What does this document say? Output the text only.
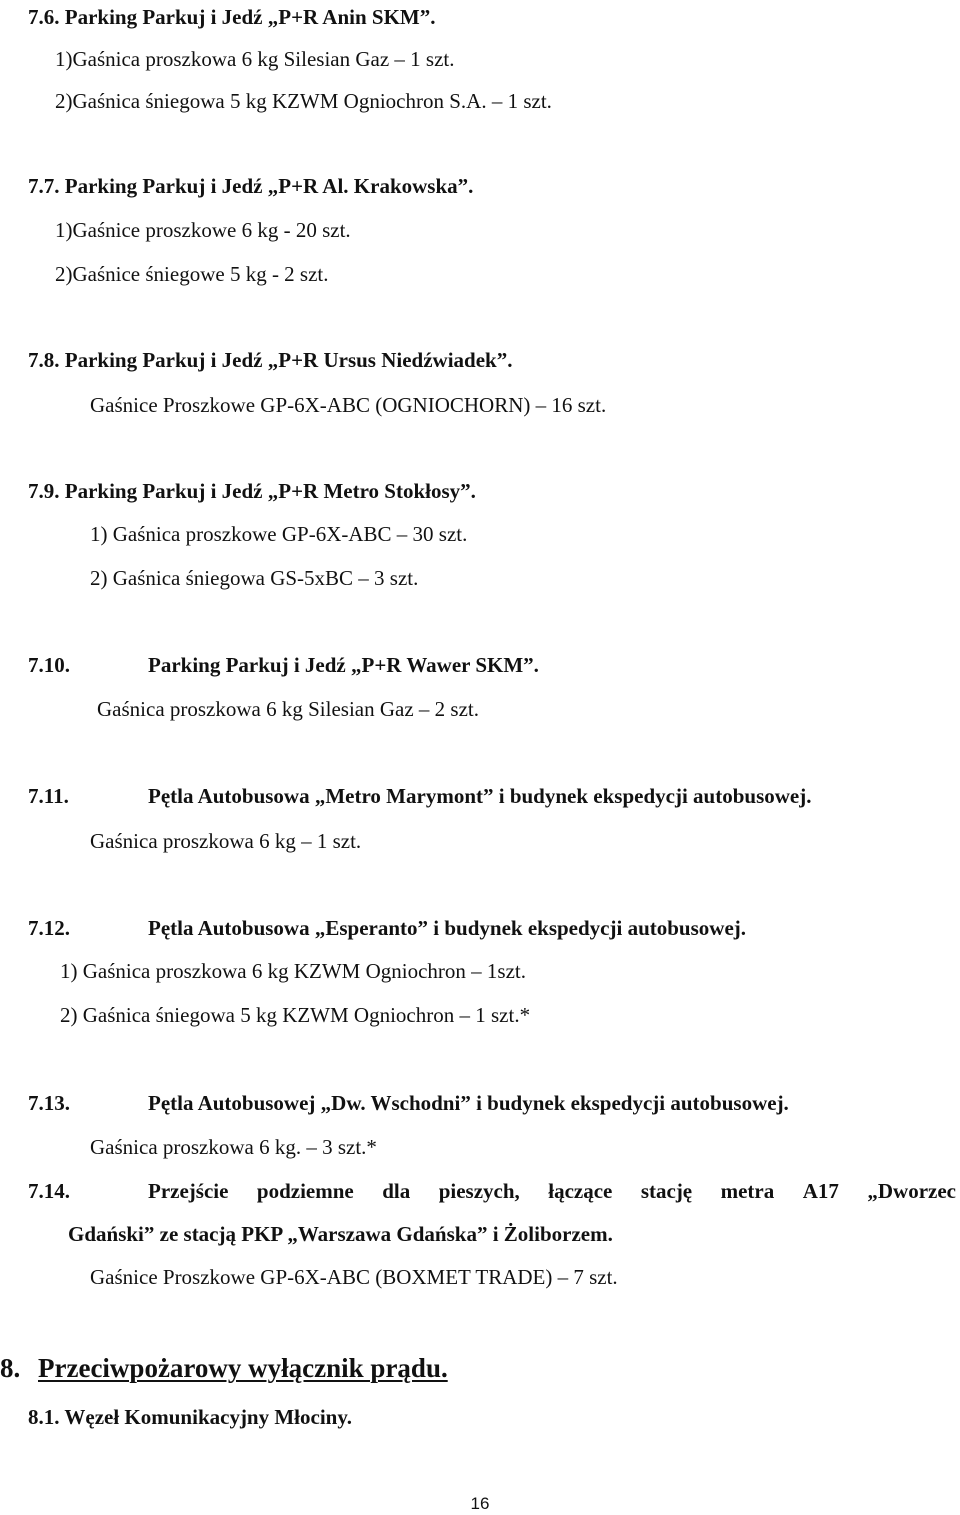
7.6. Parking Parkuj i Jedź „P+R Anin SKM”.
1)Gaśnica proszkowa 6 kg Silesian Gaz – 1 szt.
2)Gaśnica śniegowa 5 kg KZWM Ogniochron S.A. – 1 szt.
7.7. Parking Parkuj i Jedź „P+R Al. Krakowska”.
1)Gaśnice proszkowe 6 kg - 20 szt.
2)Gaśnice śniegowe 5 kg - 2 szt.
7.8. Parking Parkuj i Jedź „P+R Ursus Niedźwiadek”.
Gaśnice Proszkowe GP-6X-ABC (OGNIOCHORN) – 16 szt.
7.9. Parking Parkuj i Jedź „P+R Metro Stokłosy”.
1) Gaśnica proszkowe GP-6X-ABC – 30 szt.
2) Gaśnica śniegowa GS-5xBC – 3 szt.
7.10.	Parking Parkuj i Jedź „P+R Wawer SKM”.
Gaśnica proszkowa 6 kg Silesian Gaz – 2 szt.
7.11.	Pętla Autobusowa „Metro Marymont” i budynek ekspedycji autobusowej.
Gaśnica proszkowa 6 kg – 1 szt.
7.12.	Pętla Autobusowa „Esperanto” i budynek ekspedycji autobusowej.
1) Gaśnica proszkowa 6 kg KZWM Ogniochron – 1szt.
2) Gaśnica śniegowa 5 kg KZWM Ogniochron – 1 szt.*
7.13.	Pętla Autobusowej „Dw. Wschodni” i budynek ekspedycji autobusowej.
Gaśnica proszkowa 6 kg. – 3 szt.*
7.14.	Przejście podziemne dla pieszych, łączące stację metra A17 „Dworzec
Gdański” ze stacją PKP „Warszawa Gdańska” i Żoliborzem.
Gaśnice Proszkowe GP-6X-ABC (BOXMET TRADE) – 7 szt.
8. Przeciwpożarowy wyłącznik prądu.
8.1. Węzeł Komunikacyjny Młociny.
16
